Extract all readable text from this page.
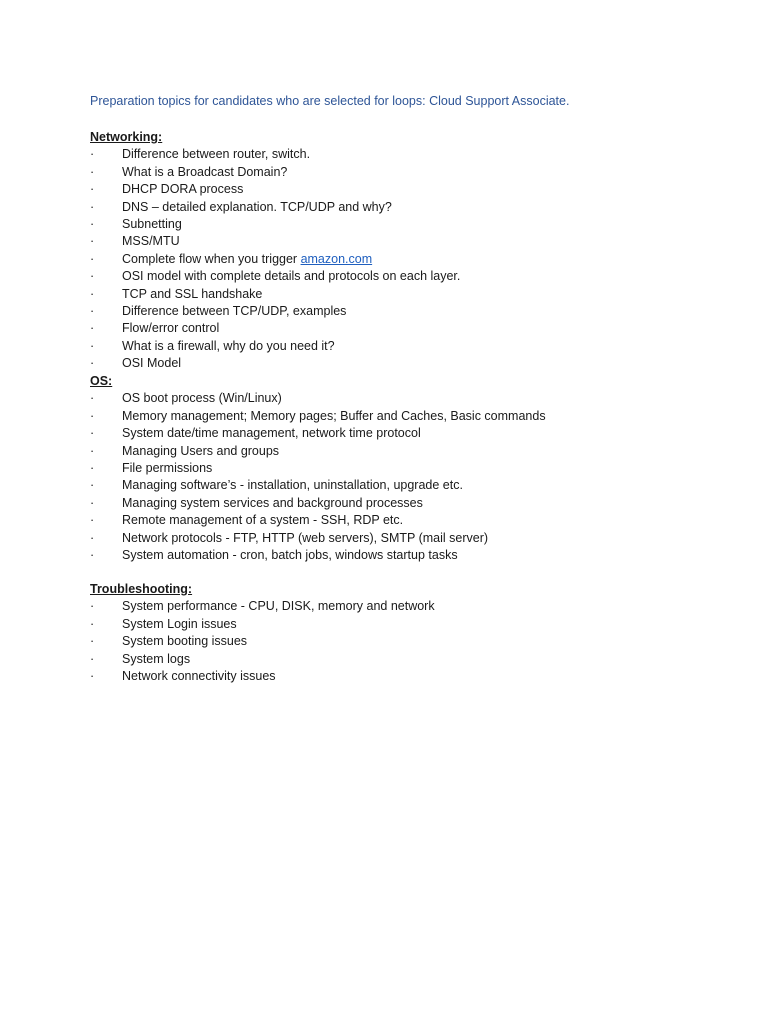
Preparation topics for candidates who are selected for loops: Cloud Support Associate.
Networking:
·	Difference between router, switch.
·	What is a Broadcast Domain?
·	DHCP DORA process
·	DNS – detailed explanation. TCP/UDP and why?
·	Subnetting
·	MSS/MTU
·	Complete flow when you trigger amazon.com
·	OSI model with complete details and protocols on each layer.
·	TCP and SSL handshake
·	Difference between TCP/UDP, examples
·	Flow/error control
·	What is a firewall, why do you need it?
·	OSI Model
OS:
·	OS boot process (Win/Linux)
·	Memory management; Memory pages; Buffer and Caches, Basic commands
·	System date/time management, network time protocol
·	Managing Users and groups
·	File permissions
·	Managing software’s - installation, uninstallation, upgrade etc.
·	Managing system services and background processes
·	Remote management of a system - SSH, RDP etc.
·	Network protocols - FTP, HTTP (web servers), SMTP (mail server)
·	System automation - cron, batch jobs, windows startup tasks
Troubleshooting:
·	System performance - CPU, DISK, memory and network
·	System Login issues
·	System booting issues
·	System logs
·	Network connectivity issues
